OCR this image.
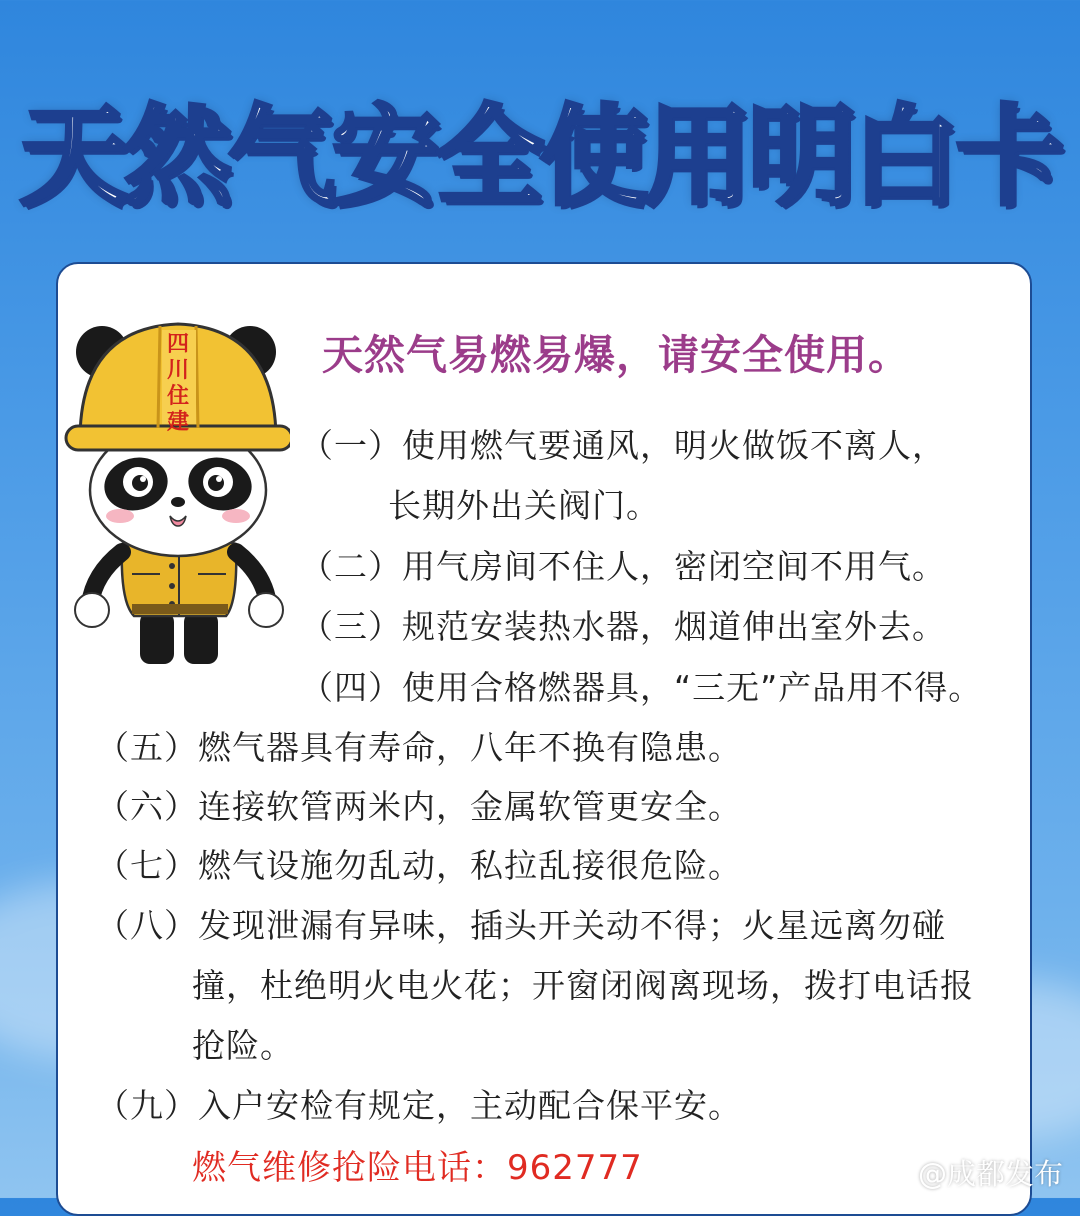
天然气安全使用明白卡
四
川
住
建
天然气易燃易爆，请安全使用。
（一）使用燃气要通风，明火做饭不离人，
长期外出关阀门。
（二）用气房间不住人，密闭空间不用气。
（三）规范安装热水器，烟道伸出室外去。
（四）使用合格燃器具，“三无”产品用不得。
（五）燃气器具有寿命，八年不换有隐患。
（六）连接软管两米内，金属软管更安全。
（七）燃气设施勿乱动，私拉乱接很危险。
（八）发现泄漏有异味，插头开关动不得；火星远离勿碰
撞，杜绝明火电火花；开窗闭阀离现场，拨打电话报
抢险。
（九）入户安检有规定，主动配合保平安。
燃气维修抢险电话：962777	@成都发布
